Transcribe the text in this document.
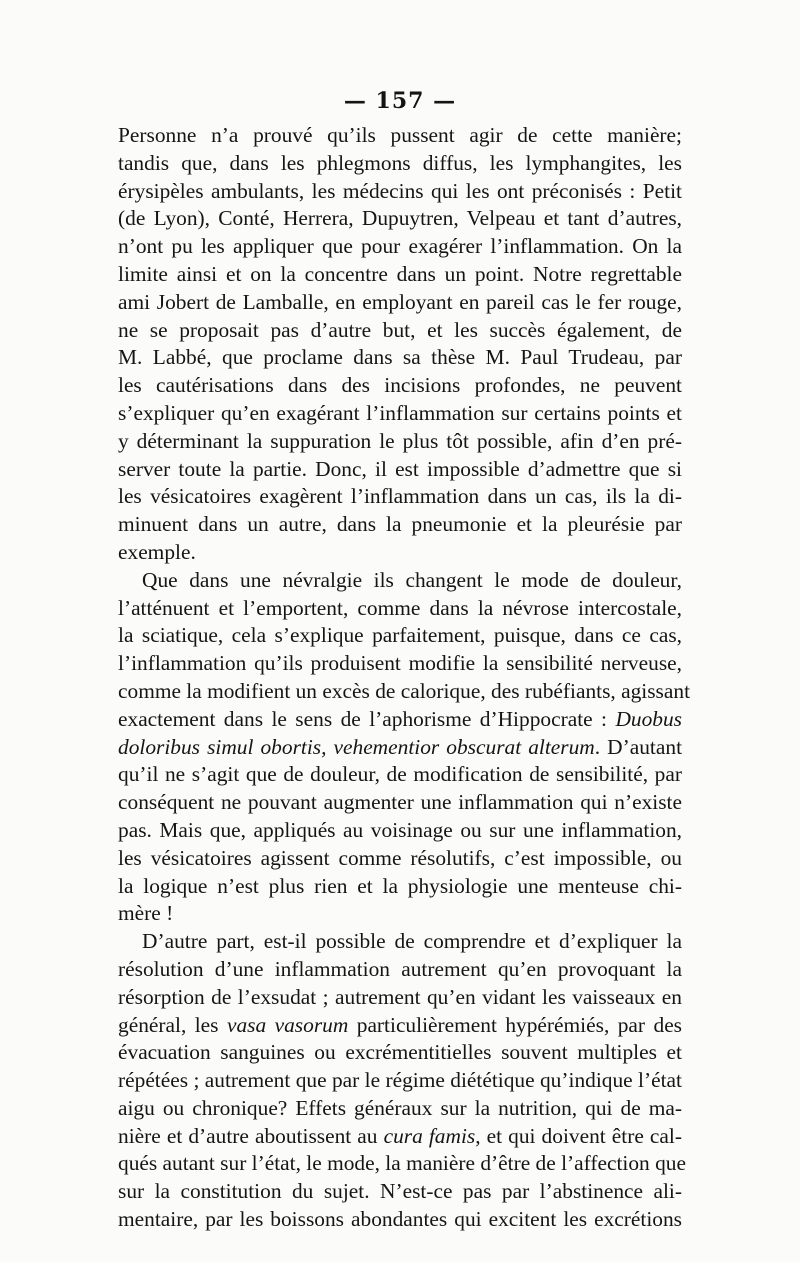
— 157 —
Personne n’a prouvé qu’ils pussent agir de cette manière;
tandis que, dans les phlegmons diffus, les lymphangites, les
érysipèles ambulants, les médecins qui les ont préconisés : Petit
(de Lyon), Conté, Herrera, Dupuytren, Velpeau et tant d’autres,
n’ont pu les appliquer que pour exagérer l’inflammation. On la
limite ainsi et on la concentre dans un point. Notre regrettable
ami Jobert de Lamballe, en employant en pareil cas le fer rouge,
ne se proposait pas d’autre but, et les succès également, de
M. Labbé, que proclame dans sa thèse M. Paul Trudeau, par
les cautérisations dans des incisions profondes, ne peuvent
s’expliquer qu’en exagérant l’inflammation sur certains points et
y déterminant la suppuration le plus tôt possible, afin d’en pré-
server toute la partie. Donc, il est impossible d’admettre que si
les vésicatoires exagèrent l’inflammation dans un cas, ils la di-
minuent dans un autre, dans la pneumonie et la pleurésie par
exemple.
Que dans une névralgie ils changent le mode de douleur,
l’atténuent et l’emportent, comme dans la névrose intercostale,
la sciatique, cela s’explique parfaitement, puisque, dans ce cas,
l’inflammation qu’ils produisent modifie la sensibilité nerveuse,
comme la modifient un excès de calorique, des rubéfiants, agissant
exactement dans le sens de l’aphorisme d’Hippocrate : Duobus
doloribus simul obortis, vehementior obscurat alterum. D’autant
qu’il ne s’agit que de douleur, de modification de sensibilité, par
conséquent ne pouvant augmenter une inflammation qui n’existe
pas. Mais que, appliqués au voisinage ou sur une inflammation,
les vésicatoires agissent comme résolutifs, c’est impossible, ou
la logique n’est plus rien et la physiologie une menteuse chi-
mère !
D’autre part, est-il possible de comprendre et d’expliquer la
résolution d’une inflammation autrement qu’en provoquant la
résorption de l’exsudat ; autrement qu’en vidant les vaisseaux en
général, les vasa vasorum particulièrement hypérémiés, par des
évacuation sanguines ou excrémentitielles souvent multiples et
répétées ; autrement que par le régime diététique qu’indique l’état
aigu ou chronique? Effets généraux sur la nutrition, qui de ma-
nière et d’autre aboutissent au cura famis, et qui doivent être cal-
qués autant sur l’état, le mode, la manière d’être de l’affection que
sur la constitution du sujet. N’est-ce pas par l’abstinence ali-
mentaire, par les boissons abondantes qui excitent les excrétions
